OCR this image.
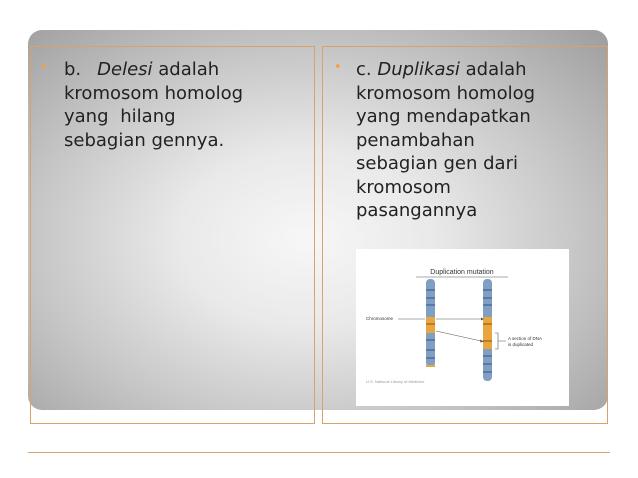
• b. Delesi adalah
kromosom homolog
yang hilang
sebagian gennya.
• c. Duplikasi adalah
kromosom homolog
yang mendapatkan
penambahan
sebagian gen dari
kromosom
pasangannya
Duplication mutation
Chromosome
A section of DNA
is duplicated
U.S. National Library of Medicine
